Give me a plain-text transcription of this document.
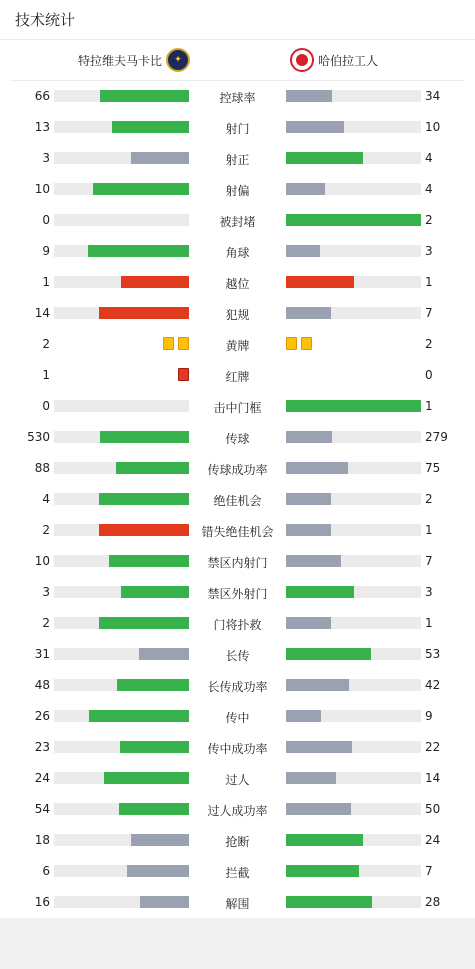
技术统计
特拉维夫马卡比 ✦	哈伯拉工人
66	控球率	34
13	射门	10
3	射正	4
10	射偏	4
0	被封堵	2
9	角球	3
1	越位	1
14	犯规	7
2	黄牌	2
1	红牌	0
0	击中门框	1
530	传球	279
88	传球成功率	75
4	绝佳机会	2
2	错失绝佳机会	1
10	禁区内射门	7
3	禁区外射门	3
2	门将扑救	1
31	长传	53
48	长传成功率	42
26	传中	9
23	传中成功率	22
24	过人	14
54	过人成功率	50
18	抢断	24
6	拦截	7
16	解围	28
